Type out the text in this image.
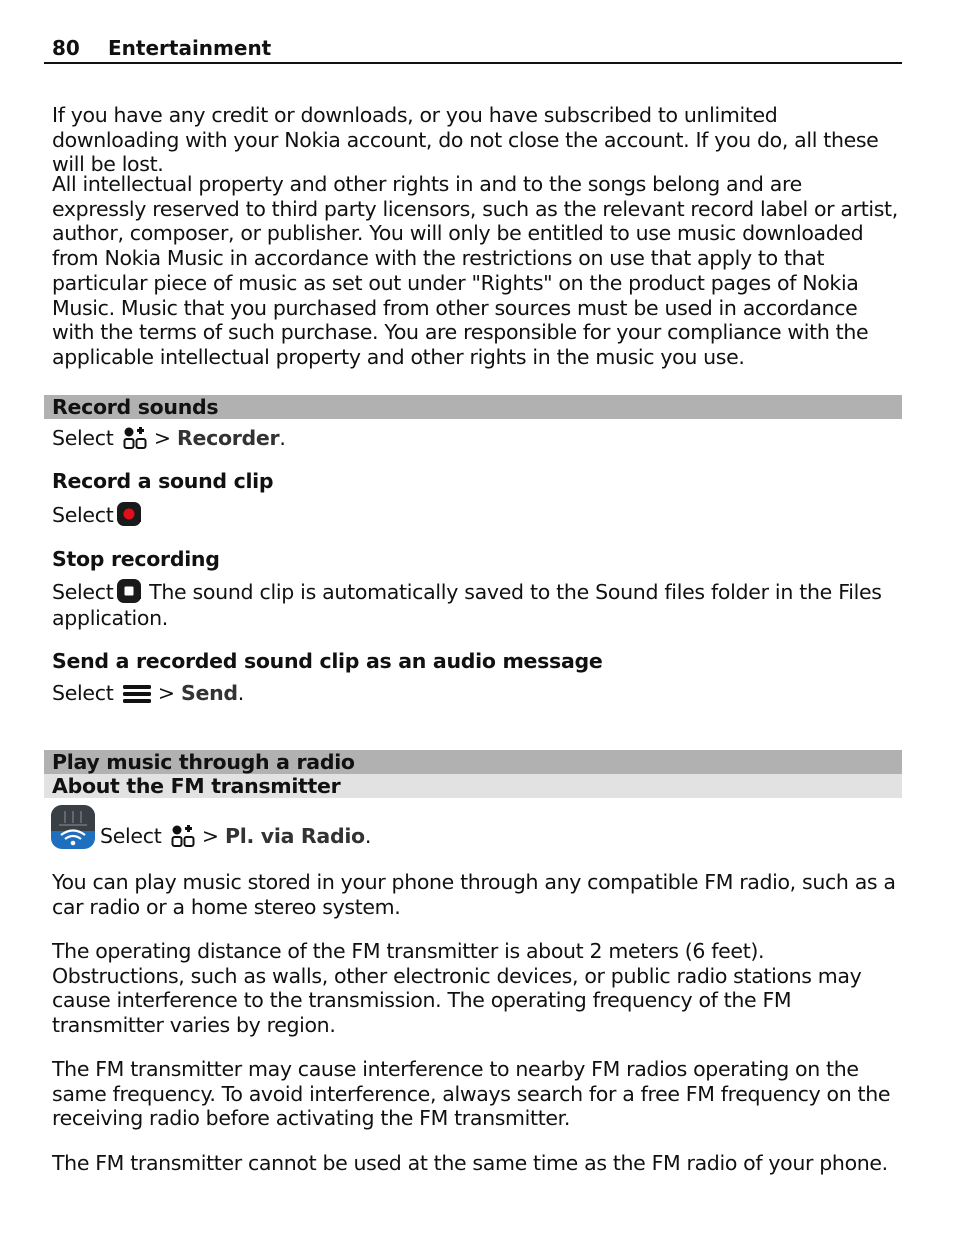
80 Entertainment

If you have any credit or downloads, or you have subscribed to unlimited downloading with your Nokia account, do not close the account. If you do, all these will be lost.

All intellectual property and other rights in and to the songs belong and are expressly reserved to third party licensors, such as the relevant record label or artist, author, composer, or publisher. You will only be entitled to use music downloaded from Nokia Music in accordance with the restrictions on use that apply to that particular piece of music as set out under "Rights" on the product pages of Nokia Music. Music that you purchased from other sources must be used in accordance with the terms of such purchase. You are responsible for your compliance with the applicable intellectual property and other rights in the music you use.

Record sounds
Select > Recorder.
Record a sound clip
Select .
Stop recording
Select . The sound clip is automatically saved to the Sound files folder in the Files
application.
Send a recorded sound clip as an audio message
Select > Send.
Play music through a radio
About the FM transmitter
Select > Pl. via Radio.

You can play music stored in your phone through any compatible FM radio, such as a car radio or a home stereo system.

The operating distance of the FM transmitter is about 2 meters (6 feet). Obstructions, such as walls, other electronic devices, or public radio stations may cause interference to the transmission. The operating frequency of the FM transmitter varies by region.

The FM transmitter may cause interference to nearby FM radios operating on the same frequency. To avoid interference, always search for a free FM frequency on the receiving radio before activating the FM transmitter.

The FM transmitter cannot be used at the same time as the FM radio of your phone.
